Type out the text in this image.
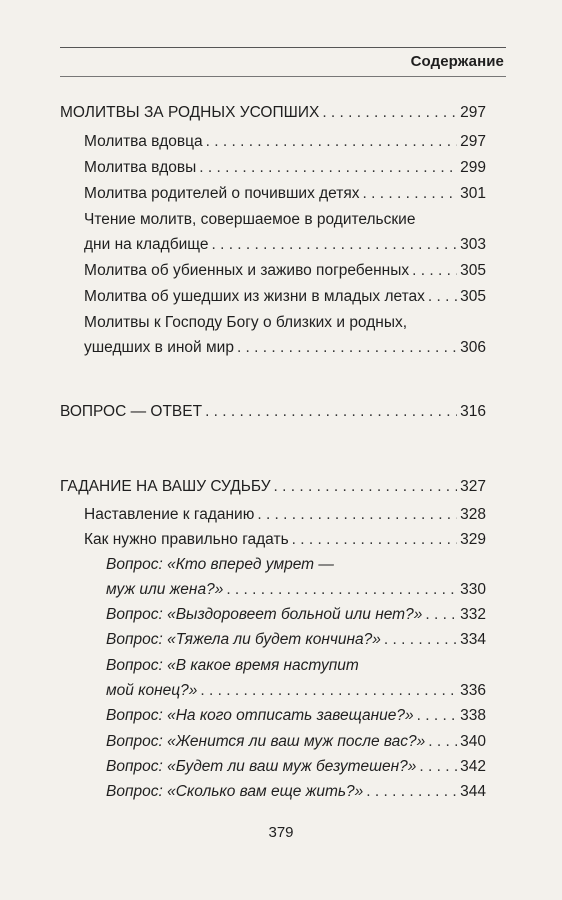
Содержание
МОЛИТВЫ ЗА РОДНЫХ УСОПШИХ . . .	297
Молитва вдовца . . .	297
Молитва вдовы . . .	299
Молитва родителей о почивших детях . . .	301
Чтение молитв, совершаемое в родительские
дни на кладбище . . .	303
Молитва об убиенных и заживо погребенных . . .	305
Молитва об ушедших из жизни в младых летах . . . 305
Молитвы к Господу Богу о близких и родных,
ушедших в иной мир . . .	306
ВОПРОС — ОТВЕТ . . .	316
ГАДАНИЕ НА ВАШУ СУДЬБУ . . .	327
Наставление к гаданию . . .	328
Как нужно правильно гадать . . .	329
Вопрос: «Кто вперед умрет —
муж или жена?» . . .	330
Вопрос: «Выздоровеет больной или нет?» . . . 332
Вопрос: «Тяжела ли будет кончина?» . . .	334
Вопрос: «В какое время наступит
мой конец?» . . .	336
Вопрос: «На кого отписать завещание?» . . .	338
Вопрос: «Женится ли ваш муж после вас?» . . . 340
Вопрос: «Будет ли ваш муж безутешен?» . . .	342
Вопрос: «Сколько вам еще жить?» . . .	344
379
